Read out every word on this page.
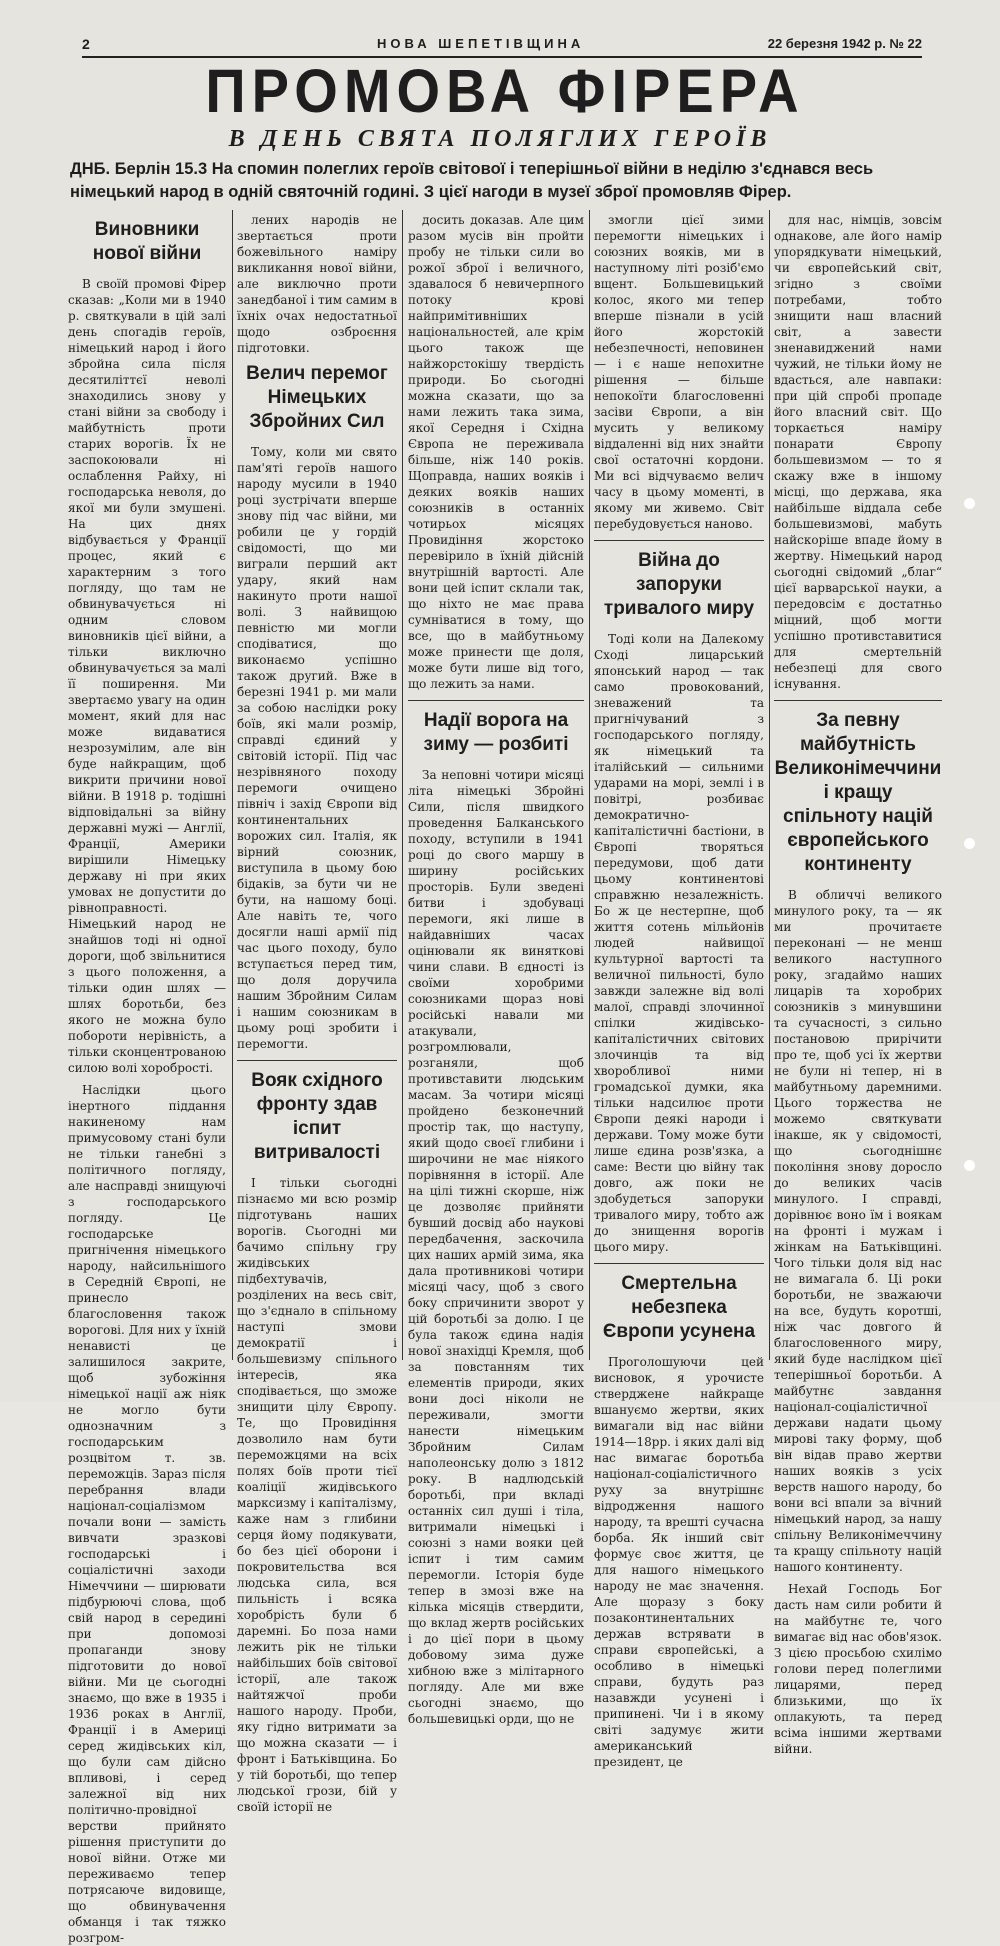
2	НОВА ШЕПЕТІВЩИНА	22 березня 1942 р. № 22
ПРОМОВА ФІРЕРА
В ДЕНЬ СВЯТА ПОЛЯГЛИХ ГЕРОЇВ
ДНБ. Берлін 15.3 На спомин полеглих героїв світової і теперішньої війни в неділю з'єднався весь німецький народ в одній святочній годині. З цієї нагоди в музеї зброї промовляв Фірер.
Виновники нової війни

В своїй промові Фірер сказав: „Коли ми в 1940 р. святкували в цій залі день спогадів героїв, німецький народ і його збройна сила після десятиліттєї неволі знаходились знову у стані війни за свободу і майбутність проти старих ворогів. Їх не заспокоювали ні ослаблення Райху, ні господарська неволя, до якої ми були змушені. На цих днях відбувається у Франції процес, який є характерним з того погляду, що там не обвинувачується ні одним словом виновників цієї війни, а тільки виключно обвинувачується за малі її поширення. Ми звертаємо увагу на один момент, який для нас може видаватися незрозумілим, але він буде найкращим, щоб викрити причини нової війни. В 1918 р. тодішні відповідальні за війну державні мужі — Англії, Франції, Америки вирішили Німецьку державу ні при яких умовах не допустити до рівноправності. Німецький народ не знайшов тоді ні одної дороги, щоб звільнитися з цього положення, а тільки один шлях — шлях боротьби, без якого не можна було побороти нерівність, а тільки сконцентрованою силою волі хоробрості.

Наслідки цього інертного піддання накиненому нам примусовому стані були не тільки ганебні з політичного погляду, але насправді знищуючі з господарського погляду. Це господарське пригнічення німецького народу, найсильнішого в Середній Європі, не принесло благословення також ворогові. Для них у їхній ненависті це залишилося закрите, щоб зубожіння німецької нації аж ніяк не могло бути однозначним з господарським розцвітом т. зв. переможців. Зараз після перебрання влади націонал-соціалізмом почали вони — замість вивчати зразкові господарські і соціалістичні заходи Німеччини — ширювати підбурюючі слова, щоб свій народ в середині при допомозі пропаганди знову підготовити до нової війни. Ми це сьогодні знаємо, що вже в 1935 і 1936 роках в Англії, Франції і в Америці серед жидівських кіл, що були сам дійсно впливові, і серед залежної від них політично-провідної верстви прийнято рішення приступити до нової війни. Отже ми переживаємо тепер потрясаюче видовище, що обвинувачення обманця і так тяжко розгром-

лених народів не звертається проти божевільного наміру викликання нової війни, але виключно проти занедбаної і тим самим в їхніх очах недостатньої щодо озброєння підготовки.

Велич перемог Німецьких Збройних Сил

Тому, коли ми свято пам'яті героїв нашого народу мусили в 1940 році зустрічати вперше знову під час війни, ми робили це у гордій свідомості, що ми виграли перший акт удару, який нам накинуто проти нашої волі. З найвищою певністю ми могли сподіватися, що виконаємо успішно також другий. Вже в березні 1941 р. ми мали за собою наслідки року боїв, які мали розмір, справді єдиний у світовій історії. Під час незрівняного походу перемоги очищено північ і захід Європи від континентальних ворожих сил. Італія, як вірний союзник, виступила в цьому бою бідаків, за бути чи не бути, на нашому боці. Але навіть те, чого досягли наші армії під час цього походу, було вступається перед тим, що доля доручила нашим Збройним Силам і нашим союзникам в цьому році зробити і перемогти.

Вояк східного фронту здав іспит витривалості

І тільки сьогодні пізнаємо ми всю розмір підготувань наших ворогів. Сьогодні ми бачимо спільну гру жидівських підбехтувачів, розділених на весь світ, що з'єднало в спільному наступі змови демократії і большевизму спільного інтересів, яка сподівається, що зможе знищити цілу Європу. Те, що Провидіння дозволило нам бути переможцями на всіх полях боїв проти тієї коаліції жидівського марксизму і капіталізму, каже нам з глибини серця йому подякувати, бо без цієї оборони і покровительства вся людська сила, вся пильність і всяка хоробрість були б даремні. Бо поза нами лежить рік не тільки найбільших боїв світової історії, але також найтяжчої проби нашого народу. Проби, яку гідно витримати за що можна сказати — і фронт і Батьківщина. Бо у тій боротьбі, що тепер людської грози, бій у своїй історії не

досить доказав. Але цим разом мусів він пройти пробу не тільки сили во рожої зброї і величного, здавалося б невичерпного потоку крові найпримітивніших національностей, але крім цього також ще найжорстокішу твердість природи. Бо сьогодні можна сказати, що за нами лежить така зима, якої Середня і Східна Європа не переживала більше, ніж 140 років. Щоправда, наших вояків і деяких вояків наших союзників в останніх чотирьох місяцях Провидіння жорстоко перевірило в їхній дійсній внутрішній вартості. Але вони цей іспит склали так, що ніхто не має права сумніватися в тому, що все, що в майбутньому може принести ще доля, може бути лише від того, що лежить за нами.

Надії ворога на зиму — розбиті

За неповні чотири місяці літа німецькі Збройні Сили, після швидкого проведення Балканського походу, вступили в 1941 році до свого маршу в ширину російських просторів. Були зведені битви і здобуваці перемоги, які лише в найдавніших часах оцінювали як виняткові чини слави. В єдності із своїми хоробрими союзниками щораз нові російські навали ми атакували, розгромлювали, розганяли, щоб противставити людським масам. За чотири місяці пройдено безконечний простір так, що наступу, який щодо своєї глибини і широчини не має ніякого порівняння в історії. Але на цілі тижні скорше, ніж це дозволяє прийняти бувший досвід або наукові передбачення, заскочила цих наших армій зима, яка дала противникові чотири місяці часу, щоб з свого боку спричинити зворот у цій боротьбі за долю. І це була також єдина надія нової знахідці Кремля, щоб за повстанням тих елементів природи, яких вони досі ніколи не переживали, змогти нанести німецьким Збройним Силам наполеонську долю з 1812 року. В надлюдській боротьбі, при вкладі останніх сил душі і тіла, витримали німецькі і союзні з нами вояки цей іспит і тим самим перемогли. Історія буде тепер в змозі вже на кілька місяців ствердити, що вклад жертв російських і до цієї пори в цьому добовому зима дуже хибною вже з мілітарного погляду. Але ми вже сьогодні знаємо, що большевицькі орди, що не

змогли цієї зими перемогти німецьких і союзних вояків, ми в наступному літі розіб'ємо вщент. Большевицький колос, якого ми тепер вперше пізнали в усій його жорстокій небезпечності, неповинен — і є наше непохитне рішення — більше непокоїти благословенні засіви Європи, а він мусить у великому віддаленні від них знайти свої остаточні кордони. Ми всі відчуваємо велич часу в цьому моменті, в якому ми живемо. Світ перебудовується наново.

Війна до запоруки тривалого миру

Тоді коли на Далекому Сході лицарський японський народ — так само провокований, зневажений та пригнічуваний з господарського погляду, як німецький та італійський — сильними ударами на морі, землі і в повітрі, розбиває демократично-капіталістичні бастіони, в Європі творяться передумови, щоб дати цьому континентові справжню незалежність. Бо ж це нестерпне, щоб життя сотень мільйонів людей найвищої культурної вартості та величної пильності, було завжди залежне від волі малої, справді злочинної спілки жидівсько-капіталістичних світових злочинців та від хворобливої ними громадської думки, яка тільки надсилює проти Європи деякі народи і держави. Тому може бути лише єдина розв'язка, а саме: Вести цю війну так довго, аж поки не здобудеться запоруки тривалого миру, тобто аж до знищення ворогів цього миру.

Смертельна небезпека Європи усунена

Проголошуючи цей висновок, я урочисте стверджене найкраще вшануємо жертви, яких вимагали від нас війни 1914—18рр. і яких далі від нас вимагає боротьба націонал-соціалістичного руху за внутрішнє відродження нашого народу, та врешті сучасна борба. Як інший світ формує своє життя, це для нашого німецького народу не має значення. Але щоразу з боку позаконтинентальних держав встрявати в справи європейські, а особливо в німецькі справи, будуть раз назавжди усунені і припинені. Чи і в якому світі задумує жити американський президент, це

для нас, німців, зовсім однакове, але його намір упорядкувати німецький, чи європейський світ, згідно з своїми потребами, тобто знищити наш власний світ, а завести зненавиджений нами чужий, не тільки йому не вдасться, але навпаки: при цій спробі пропаде його власний світ. Що торкається наміру понарати Європу большевизмом — то я скажу вже в іншому місці, що держава, яка найбільше віддала себе большевизмові, мабуть найскоріше впаде йому в жертву. Німецький народ сьогодні свідомий „благ“ цієї варварської науки, а передовсім є достатньо міцний, щоб могти успішно противставитися для смертельній небезпеці для свого існування.

За певну майбутність Великонімеччини і кращу спільноту націй європейського континенту

В обличчі великого минулого року, та — як ми прочитаєте переконані — не менш великого наступного року, згадаймо наших лицарів та хоробрих союзників з минувшини та сучасності, з сильно постановою прирічити про те, щоб усі їх жертви не були ні тепер, ні в майбутньому даремними. Цього торжества не можемо святкувати інакше, як у свідомості, що сьогоднішнє покоління знову доросло до великих часів минулого. І справді, дорівнює воно їм і воякам на фронті і мужам і жінкам на Батьківщині. Чого тільки доля від нас не вимагала б. Ці роки боротьби, не зважаючи на все, будуть коротші, ніж час довгого й благословенного миру, який буде наслідком цієї теперішньої боротьби. А майбутнє завдання націонал-соціалістичної держави надати цьому мирові таку форму, щоб він відав право жертви наших вояків з усіх верств нашого народу, бо вони всі впали за вічний німецький народ, за нашу спільну Великонімеччину та кращу спільноту націй нашого континенту.

Нехай Господь Бог дасть нам сили робити й на майбутнє те, чого вимагає від нас обов'язок. З цією просьбою схилімо голови перед полеглими лицарями, перед близькими, що їх оплакують, та перед всіма іншими жертвами війни.
